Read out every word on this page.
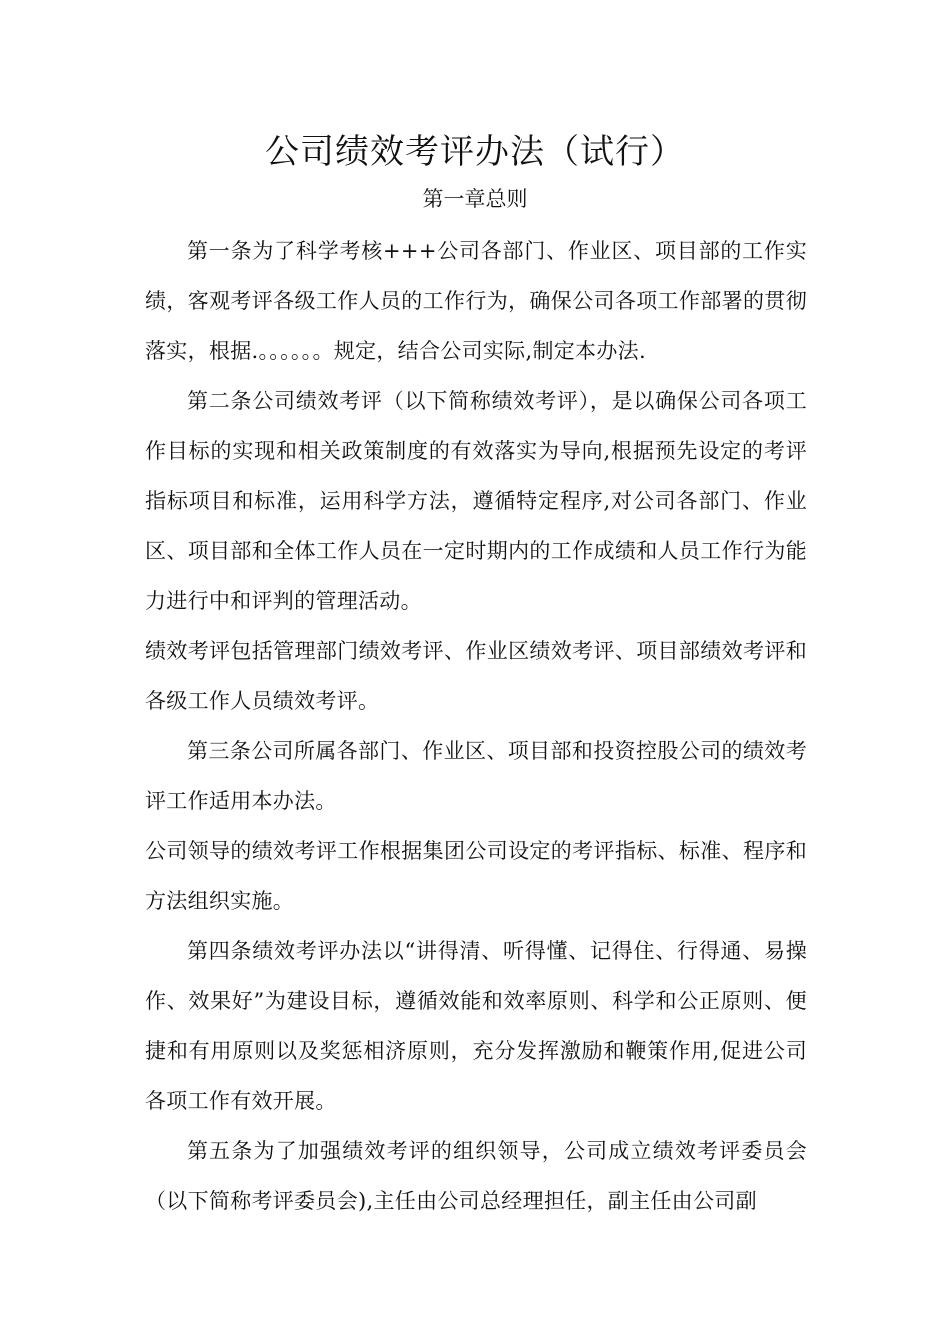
公司绩效考评办法（试行）
第一章总则

第一条为了科学考核+++公司各部门、作业区、项目部的工作实绩，客观考评各级工作人员的工作行为，确保公司各项工作部署的贯彻落实，根据.。。。。。。规定，结合公司实际,制定本办法.

第二条公司绩效考评（以下简称绩效考评），是以确保公司各项工作目标的实现和相关政策制度的有效落实为导向,根据预先设定的考评指标项目和标准，运用科学方法，遵循特定程序,对公司各部门、作业区、项目部和全体工作人员在一定时期内的工作成绩和人员工作行为能力进行中和评判的管理活动。

绩效考评包括管理部门绩效考评、作业区绩效考评、项目部绩效考评和各级工作人员绩效考评。

第三条公司所属各部门、作业区、项目部和投资控股公司的绩效考评工作适用本办法。

公司领导的绩效考评工作根据集团公司设定的考评指标、标准、程序和方法组织实施。

第四条绩效考评办法以“讲得清、听得懂、记得住、行得通、易操作、效果好”为建设目标，遵循效能和效率原则、科学和公正原则、便捷和有用原则以及奖惩相济原则，充分发挥激励和鞭策作用,促进公司各项工作有效开展。

第五条为了加强绩效考评的组织领导，公司成立绩效考评委员会（以下简称考评委员会),主任由公司总经理担任，副主任由公司副
